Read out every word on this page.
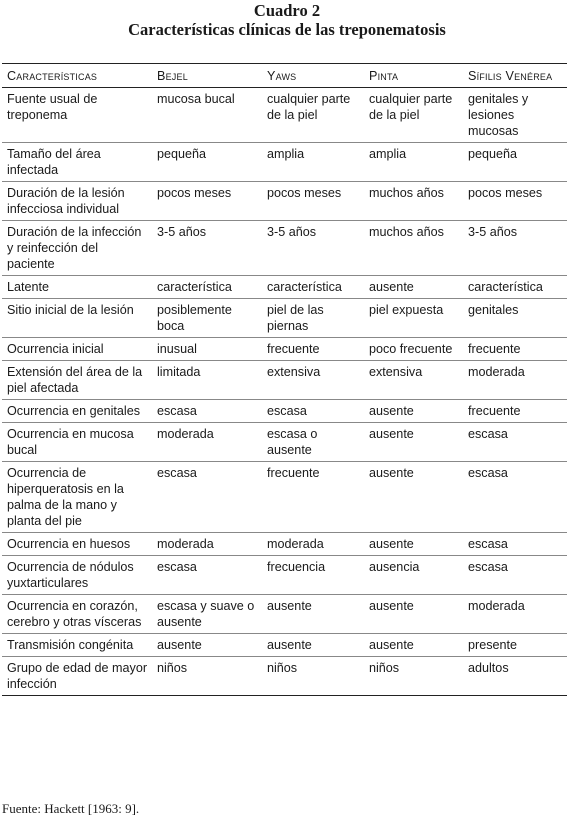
Cuadro 2
Características clínicas de las treponematosis
Características	Bejel	Yaws	Pinta	Sífilis Venérea
Fuente usual de treponema	mucosa bucal	cualquier parte de la piel	cualquier parte de la piel	genitales y lesiones mucosas
Tamaño del área infectada	pequeña	amplia	amplia	pequeña
Duración de la lesión infecciosa individual	pocos meses	pocos meses	muchos años	pocos meses
Duración de la infección y reinfección del paciente	3-5 años	3-5 años	muchos años	3-5 años
Latente	característica	característica	ausente	característica
Sitio inicial de la lesión	posiblemente boca	piel de las piernas	piel expuesta	genitales
Ocurrencia inicial	inusual	frecuente	poco frecuente	frecuente
Extensión del área de la piel afectada	limitada	extensiva	extensiva	moderada
Ocurrencia en genitales	escasa	escasa	ausente	frecuente
Ocurrencia en mucosa bucal	moderada	escasa o ausente	ausente	escasa
Ocurrencia de hiperqueratosis en la palma de la mano y planta del pie	escasa	frecuente	ausente	escasa
Ocurrencia en huesos	moderada	moderada	ausente	escasa
Ocurrencia de nódulos yuxtarticulares	escasa	frecuencia	ausencia	escasa
Ocurrencia en corazón, cerebro y otras vísceras	escasa y suave o ausente	ausente	ausente	moderada
Transmisión congénita	ausente	ausente	ausente	presente
Grupo de edad de mayor infección	niños	niños	niños	adultos
Fuente: Hackett [1963: 9].
